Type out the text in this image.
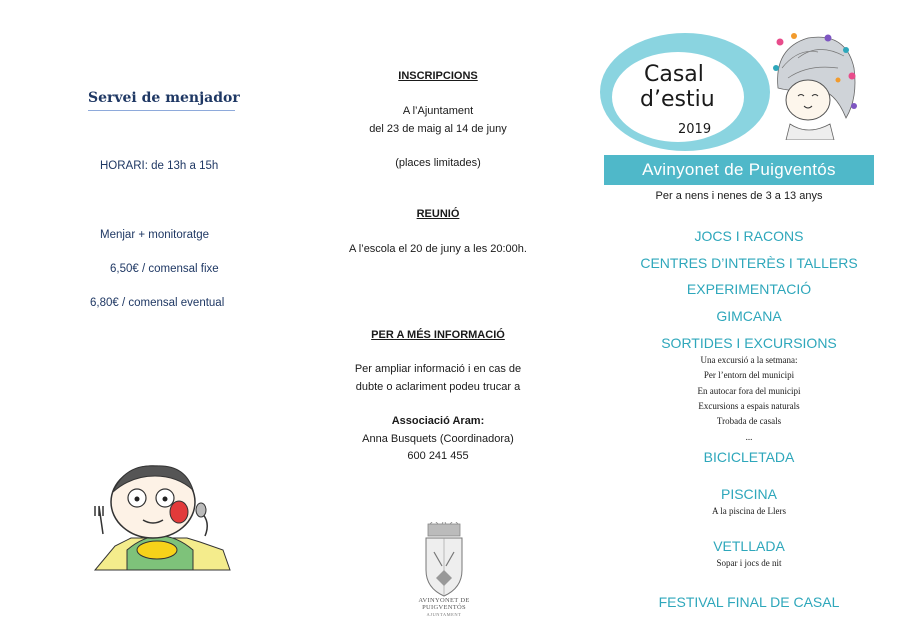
Servei de menjador
HORARI: de 13h a 15h
Menjar + monitoratge
6,50€ / comensal fixe
6,80€ / comensal eventual
INSCRIPCIONS
A l’Ajuntament
del 23 de maig al 14 de juny
(places limitades)
REUNIÓ
A l’escola el 20 de juny a les 20:00h.
PER A MÉS INFORMACIÓ
Per ampliar informació i en cas de
dubte o aclariment podeu trucar a
Associació Aram:
Anna Busquets (Coordinadora)
600 241 455
AVINYONET DE
PUIGVENTÓS
AJUNTAMENT
Casal
d’estiu
2019
Avinyonet de Puigventós
Per a nens i nenes de 3 a 13 anys
JOCS I RACONS
CENTRES D’INTERÈS I TALLERS
EXPERIMENTACIÓ
GIMCANA
SORTIDES I EXCURSIONS
Una excursió a la setmana:
Per l’entorn del municipi
En autocar fora del municipi
Excursions a espais naturals
Trobada de casals
...
BICICLETADA
PISCINA
A la piscina de Llers
VETLLADA
Sopar i jocs de nit
FESTIVAL FINAL DE CASAL
